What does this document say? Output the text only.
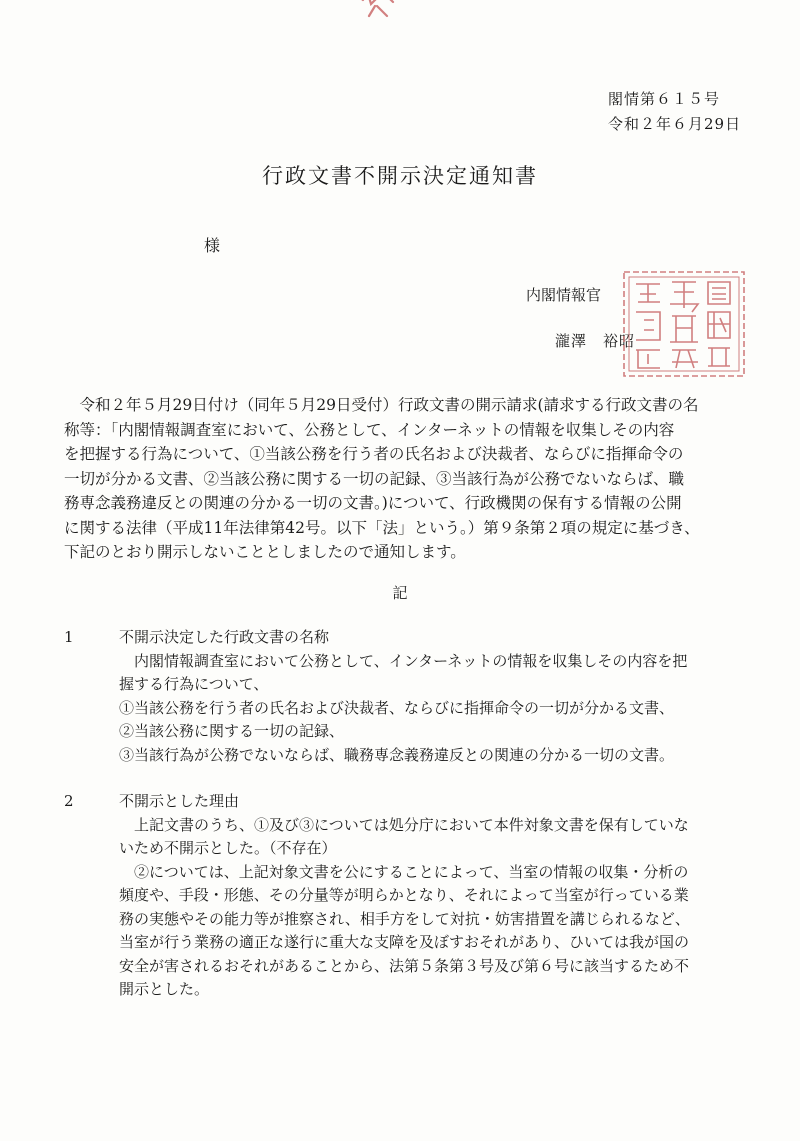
閣情第６１５号
令和２年６月29日
行政文書不開示決定通知書
様
内閣情報官
瀧澤　裕昭
　令和２年５月29日付け（同年５月29日受付）行政文書の開示請求(請求する行政文書の名
称等：「内閣情報調査室において、公務として、インターネットの情報を収集しその内容
を把握する行為について、①当該公務を行う者の氏名および決裁者、ならびに指揮命令の
一切が分かる文書、②当該公務に関する一切の記録、③当該行為が公務でないならば、職
務専念義務違反との関連の分かる一切の文書。)について、行政機関の保有する情報の公開
に関する法律（平成11年法律第42号。以下「法」という。）第９条第２項の規定に基づき、
下記のとおり開示しないこととしましたので通知します。
記
1	不開示決定した行政文書の名称
　内閣情報調査室において公務として、インターネットの情報を収集しその内容を把
握する行為について、
①当該公務を行う者の氏名および決裁者、ならびに指揮命令の一切が分かる文書、
②当該公務に関する一切の記録、
③当該行為が公務でないならば、職務専念義務違反との関連の分かる一切の文書。
2	不開示とした理由
　上記文書のうち、①及び③については処分庁において本件対象文書を保有していな
いため不開示とした。（不存在）
　②については、上記対象文書を公にすることによって、当室の情報の収集・分析の
頻度や、手段・形態、その分量等が明らかとなり、それによって当室が行っている業
務の実態やその能力等が推察され、相手方をして対抗・妨害措置を講じられるなど、
当室が行う業務の適正な遂行に重大な支障を及ぼすおそれがあり、ひいては我が国の
安全が害されるおそれがあることから、法第５条第３号及び第６号に該当するため不
開示とした。
